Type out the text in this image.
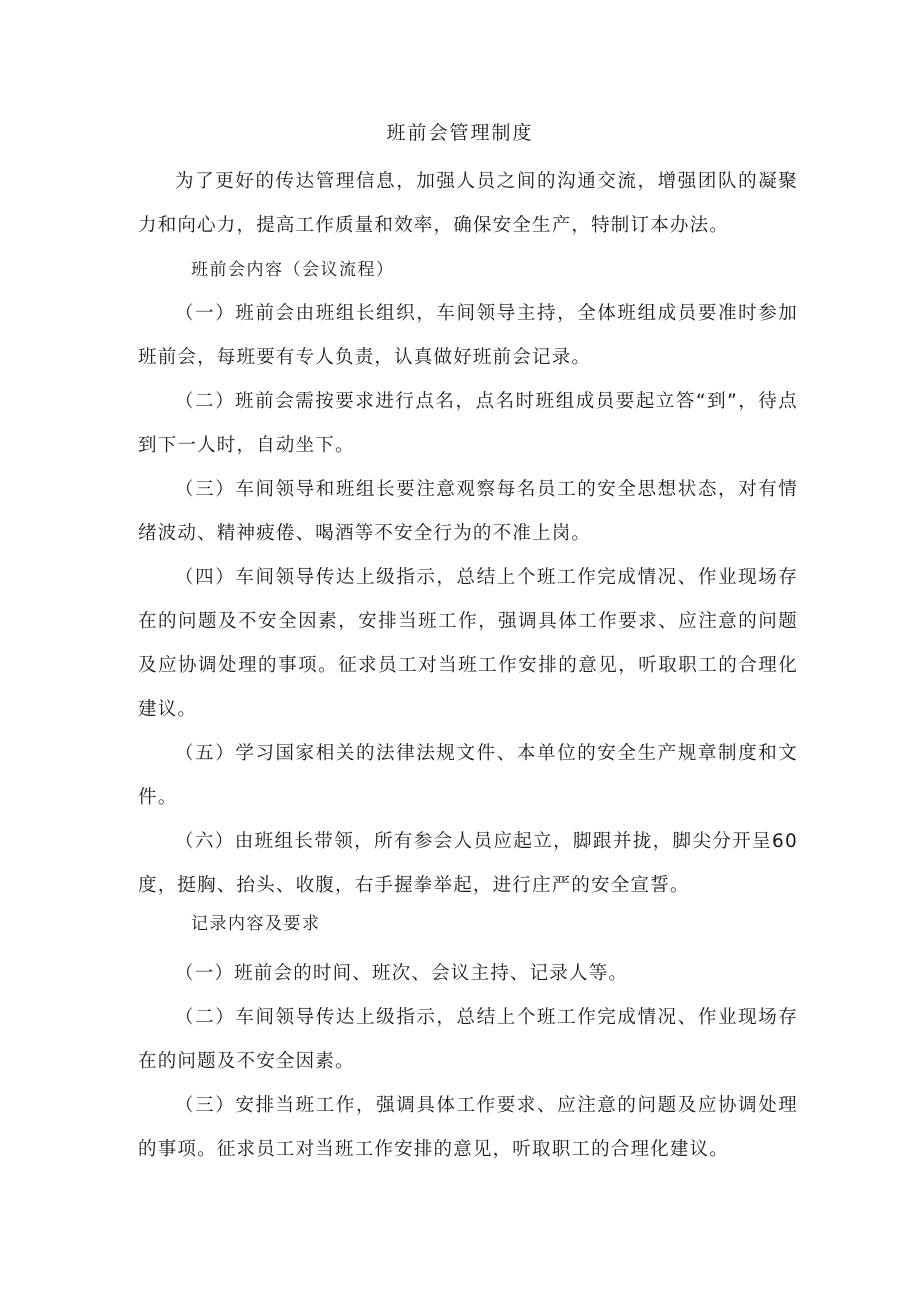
班前会管理制度

为了更好的传达管理信息，加强人员之间的沟通交流，增强团队的凝聚力和向心力，提高工作质量和效率，确保安全生产，特制订本办法。

班前会内容（会议流程）

（一）班前会由班组长组织，车间领导主持，全体班组成员要准时参加班前会，每班要有专人负责，认真做好班前会记录。

（二）班前会需按要求进行点名，点名时班组成员要起立答“到”，待点到下一人时，自动坐下。

（三）车间领导和班组长要注意观察每名员工的安全思想状态，对有情绪波动、精神疲倦、喝酒等不安全行为的不准上岗。

（四）车间领导传达上级指示，总结上个班工作完成情况、作业现场存在的问题及不安全因素，安排当班工作，强调具体工作要求、应注意的问题及应协调处理的事项。征求员工对当班工作安排的意见，听取职工的合理化建议。

（五）学习国家相关的法律法规文件、本单位的安全生产规章制度和文件。

（六）由班组长带领，所有参会人员应起立，脚跟并拢，脚尖分开呈60度，挺胸、抬头、收腹，右手握拳举起，进行庄严的安全宣誓。

记录内容及要求

（一）班前会的时间、班次、会议主持、记录人等。

（二）车间领导传达上级指示，总结上个班工作完成情况、作业现场存在的问题及不安全因素。

（三）安排当班工作，强调具体工作要求、应注意的问题及应协调处理的事项。征求员工对当班工作安排的意见，听取职工的合理化建议。
